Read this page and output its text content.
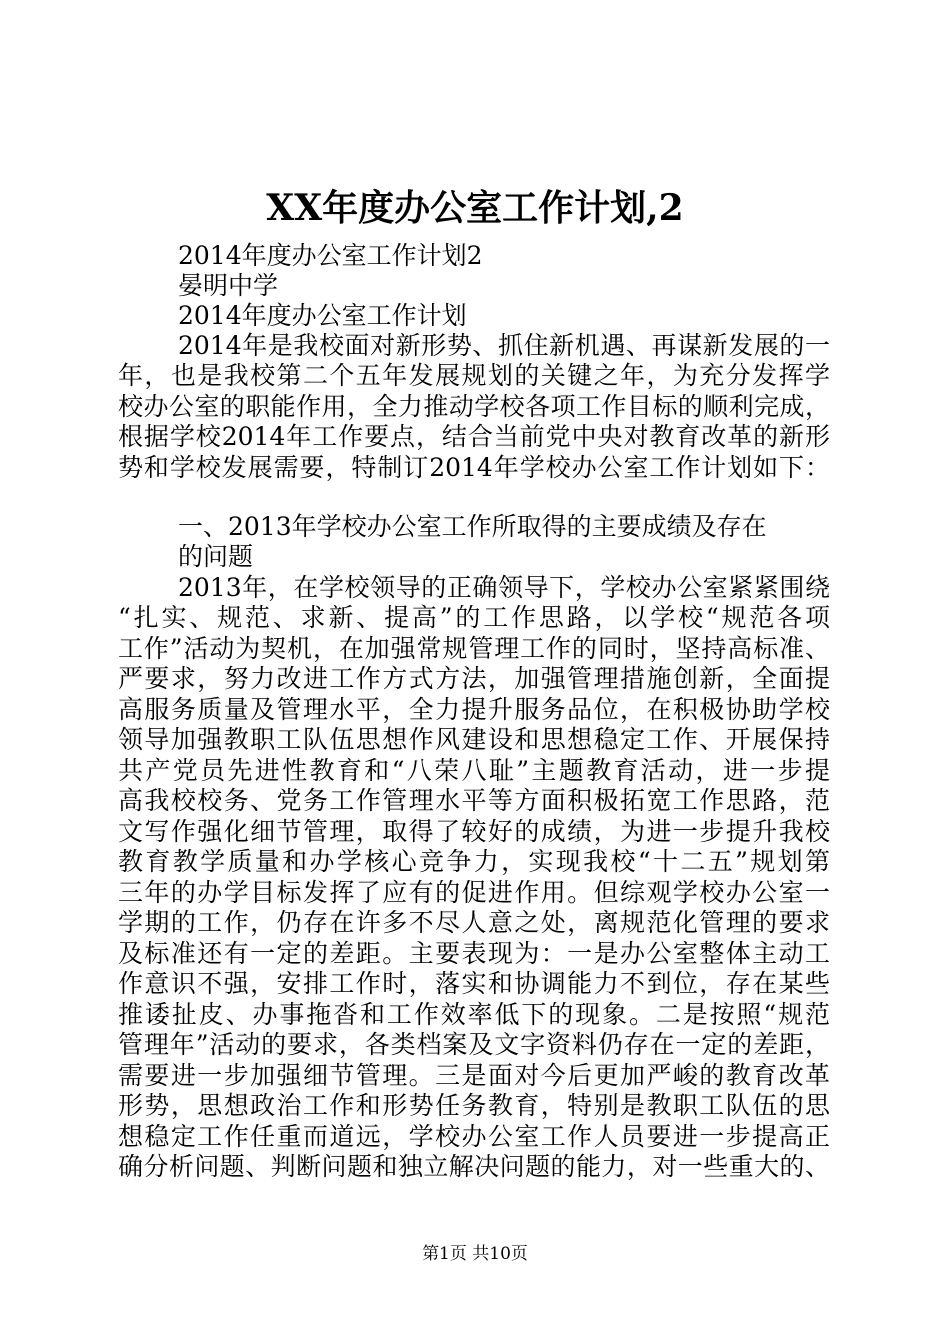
XX年度办公室工作计划,2
2014年度办公室工作计划2
晏明中学
2014年度办公室工作计划
2014年是我校面对新形势、抓住新机遇、再谋新发展的一
年，也是我校第二个五年发展规划的关键之年，为充分发挥学
校办公室的职能作用，全力推动学校各项工作目标的顺利完成，
根据学校2014年工作要点，结合当前党中央对教育改革的新形
势和学校发展需要，特制订2014年学校办公室工作计划如下：
一、2013年学校办公室工作所取得的主要成绩及存在
的问题
2013年，在学校领导的正确领导下，学校办公室紧紧围绕
“扎实、规范、求新、提高”的工作思路，以学校“规范各项
工作”活动为契机，在加强常规管理工作的同时，坚持高标准、
严要求，努力改进工作方式方法，加强管理措施创新，全面提
高服务质量及管理水平，全力提升服务品位，在积极协助学校
领导加强教职工队伍思想作风建设和思想稳定工作、开展保持
共产党员先进性教育和“八荣八耻”主题教育活动，进一步提
高我校校务、党务工作管理水平等方面积极拓宽工作思路，范
文写作强化细节管理，取得了较好的成绩，为进一步提升我校
教育教学质量和办学核心竞争力，实现我校“十二五”规划第
三年的办学目标发挥了应有的促进作用。但综观学校办公室一
学期的工作，仍存在许多不尽人意之处，离规范化管理的要求
及标准还有一定的差距。主要表现为：一是办公室整体主动工
作意识不强，安排工作时，落实和协调能力不到位，存在某些
推诿扯皮、办事拖沓和工作效率低下的现象。二是按照“规范
管理年”活动的要求，各类档案及文字资料仍存在一定的差距，
需要进一步加强细节管理。三是面对今后更加严峻的教育改革
形势，思想政治工作和形势任务教育，特别是教职工队伍的思
想稳定工作任重而道远，学校办公室工作人员要进一步提高正
确分析问题、判断问题和独立解决问题的能力，对一些重大的、
第1页 共10页
